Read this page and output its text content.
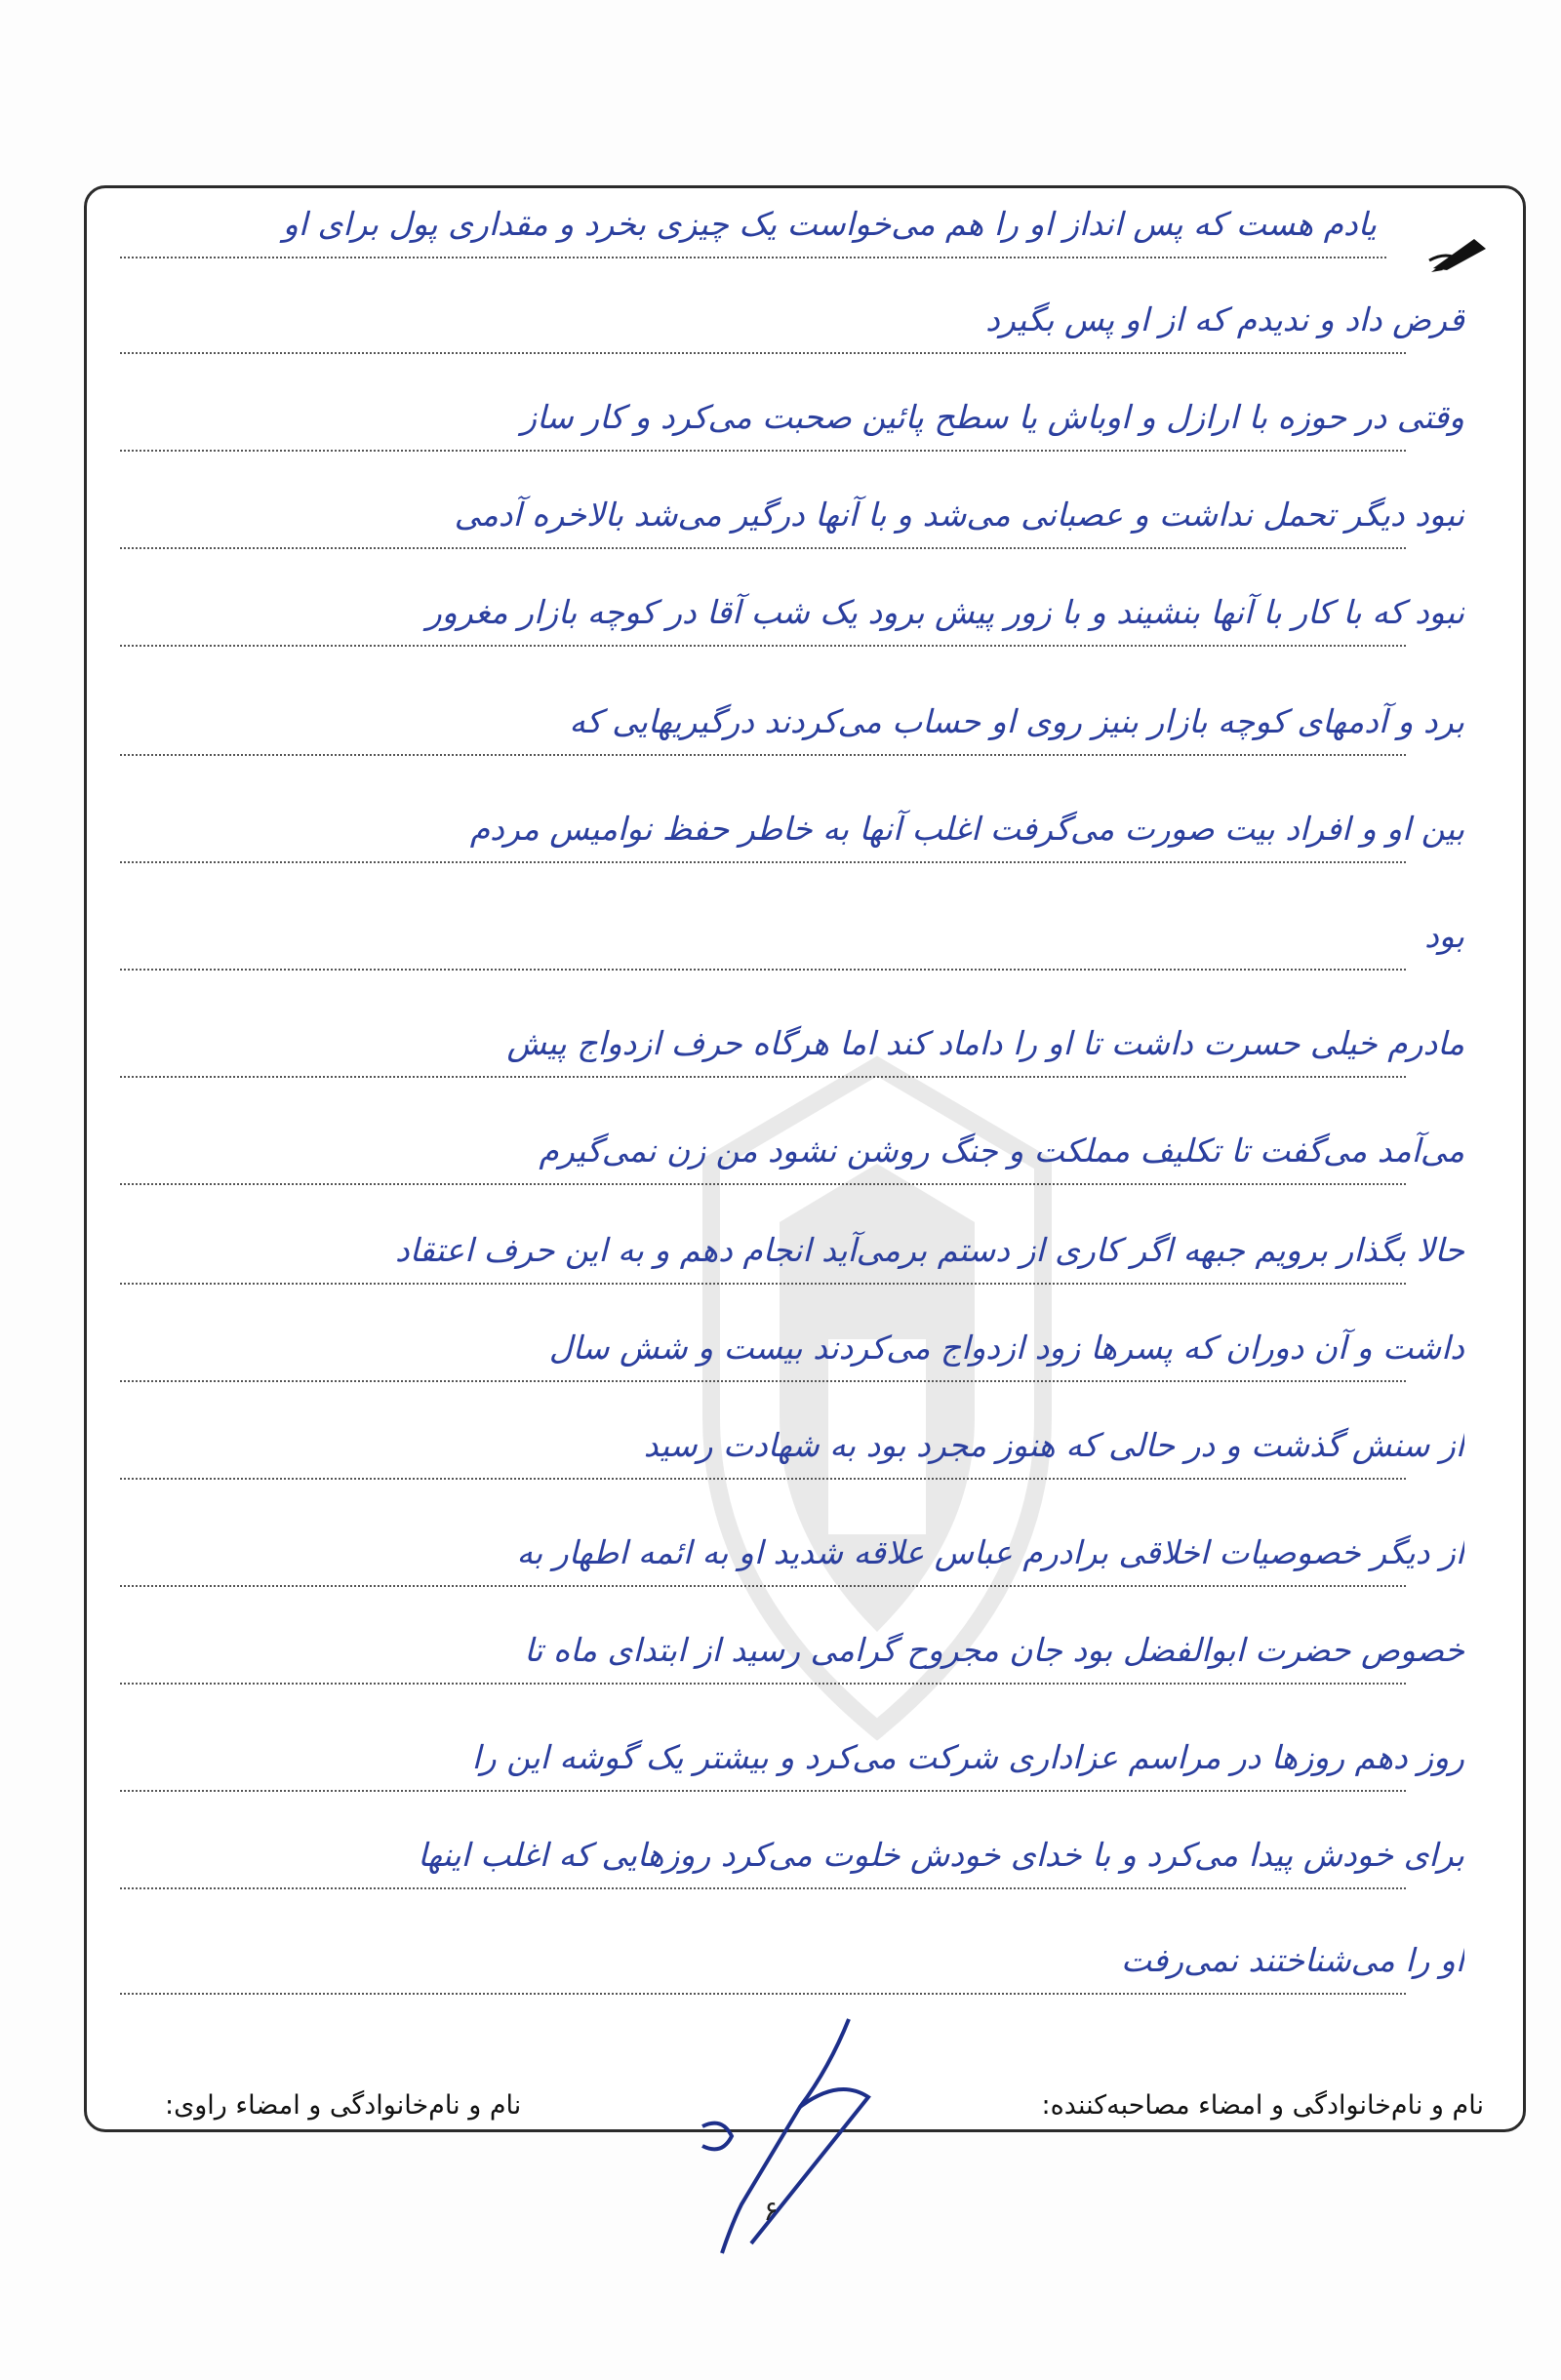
یادم هست که پس انداز او را هم می‌خواست یک چیزی بخرد و مقداری پول برای او
قرض داد و ندیدم که از او پس بگیرد
وقتی در حوزه با ارازل و اوباش یا سطح پائین صحبت می‌کرد و کار ساز
نبود دیگر تحمل نداشت و عصبانی می‌شد و با آنها درگیر می‌شد بالاخره آدمی
نبود که با کار با آنها بنشیند و با زور پیش برود یک شب آقا در کوچه بازار مغرور
برد و آدمهای کوچه بازار بنیز روی او حساب می‌کردند درگیریهایی که
بین او و افراد بیت صورت می‌گرفت اغلب آنها به خاطر حفظ نوامیس مردم
بود
مادرم خیلی حسرت داشت تا او را داماد کند اما هرگاه حرف ازدواج پیش
می‌آمد می‌گفت تا تکلیف مملکت و جنگ روشن نشود من زن نمی‌گیرم
حالا بگذار برویم جبهه اگر کاری از دستم برمی‌آید انجام دهم و به این حرف اعتقاد
داشت و آن دوران که پسرها زود ازدواج می‌کردند بیست و شش سال
از سنش گذشت و در حالی که هنوز مجرد بود به شهادت رسید
از دیگر خصوصیات اخلاقی برادرم عباس علاقه شدید او به ائمه اطهار به
خصوص حضرت ابوالفضل بود جان مجروح گرامی رسید از ابتدای ماه تا
روز دهم روزها در مراسم عزاداری شرکت می‌کرد و بیشتر یک گوشه این را
برای خودش پیدا می‌کرد و با خدای خودش خلوت می‌کرد روزهایی که اغلب اینها
او را می‌شناختند نمی‌رفت
نام و نام‌خانوادگی و امضاء مصاحبه‌کننده:
نام و نام‌خانوادگی و امضاء راوی:
۶
